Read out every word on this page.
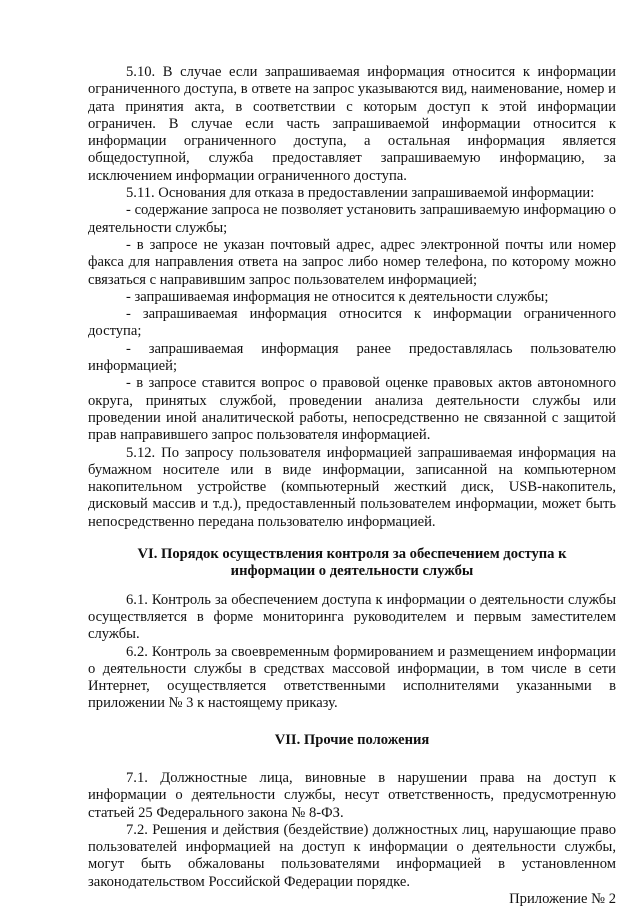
5.10. В случае если запрашиваемая информация относится к информации ограниченного доступа, в ответе на запрос указываются вид, наименование, номер и дата принятия акта, в соответствии с которым доступ к этой информации ограничен. В случае если часть запрашиваемой информации относится к информации ограниченного доступа, а остальная информация является общедоступной, служба предоставляет запрашиваемую информацию, за исключением информации ограниченного доступа.

5.11. Основания для отказа в предоставлении запрашиваемой информации:

- содержание запроса не позволяет установить запрашиваемую информацию о деятельности службы;

- в запросе не указан почтовый адрес, адрес электронной почты или номер факса для направления ответа на запрос либо номер телефона, по которому можно связаться с направившим запрос пользователем информацией;

- запрашиваемая информация не относится к деятельности службы;

- запрашиваемая информация относится к информации ограниченного доступа;

- запрашиваемая информация ранее предоставлялась пользователю информацией;

- в запросе ставится вопрос о правовой оценке правовых актов автономного округа, принятых службой, проведении анализа деятельности службы или проведении иной аналитической работы, непосредственно не связанной с защитой прав направившего запрос пользователя информацией.

5.12. По запросу пользователя информацией запрашиваемая информация на бумажном носителе или в виде информации, записанной на компьютерном накопительном устройстве (компьютерный жесткий диск, USB-накопитель, дисковый массив и т.д.), предоставленный пользователем информации, может быть непосредственно передана пользователю информацией.

VI. Порядок осуществления контроля за обеспечением доступа к информации о деятельности службы

6.1. Контроль за обеспечением доступа к информации о деятельности службы осуществляется в форме мониторинга руководителем и первым заместителем службы.

6.2. Контроль за своевременным формированием и размещением информации о деятельности службы в средствах массовой информации, в том числе в сети Интернет, осуществляется ответственными исполнителями указанными в приложении № 3 к настоящему приказу.

VII. Прочие положения

7.1. Должностные лица, виновные в нарушении права на доступ к информации о деятельности службы, несут ответственность, предусмотренную статьей 25 Федерального закона № 8-ФЗ.

7.2. Решения и действия (бездействие) должностных лиц, нарушающие право пользователей информацией на доступ к информации о деятельности службы, могут быть обжалованы пользователями информацией в установленном законодательством Российской Федерации порядке.

Приложение № 2
